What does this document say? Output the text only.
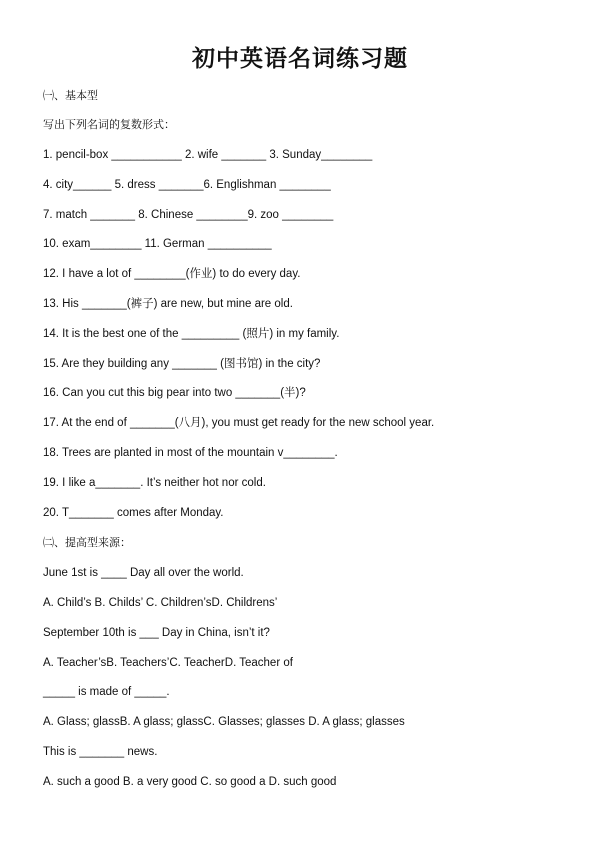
初中英语名词练习题

㈠、基本型

写出下列名词的复数形式：

1. pencil-box ___________ 2. wife _______ 3. Sunday________

4. city______ 5. dress _______6. Englishman ________

7. match _______ 8. Chinese ________9. zoo ________

10. exam________ 11. German __________

12. I have a lot of ________(作业) to do every day.

13. His _______(裤子) are new, but mine are old.

14. It is the best one of the _________ (照片) in my family.

15. Are they building any _______ (图书馆) in the city?

16. Can you cut this big pear into two _______(半)?

17. At the end of _______(八月), you must get ready for the new school year.

18. Trees are planted in most of the mountain v________.

19. I like a_______. It’s neither hot nor cold.

20. T_______ comes after Monday.

㈡、提高型来源：

June 1st is ____ Day all over the world.

A. Child’s B. Childs’ C. Children’sD. Childrens’

September 10th is ___ Day in China, isn’t it?

A. Teacher’sB. Teachers’C. TeacherD. Teacher of

_____ is made of _____.

A. Glass; glassB. A glass; glassC. Glasses; glasses D. A glass; glasses

This is _______ news.

A. such a good B. a very good C. so good a D. such good
